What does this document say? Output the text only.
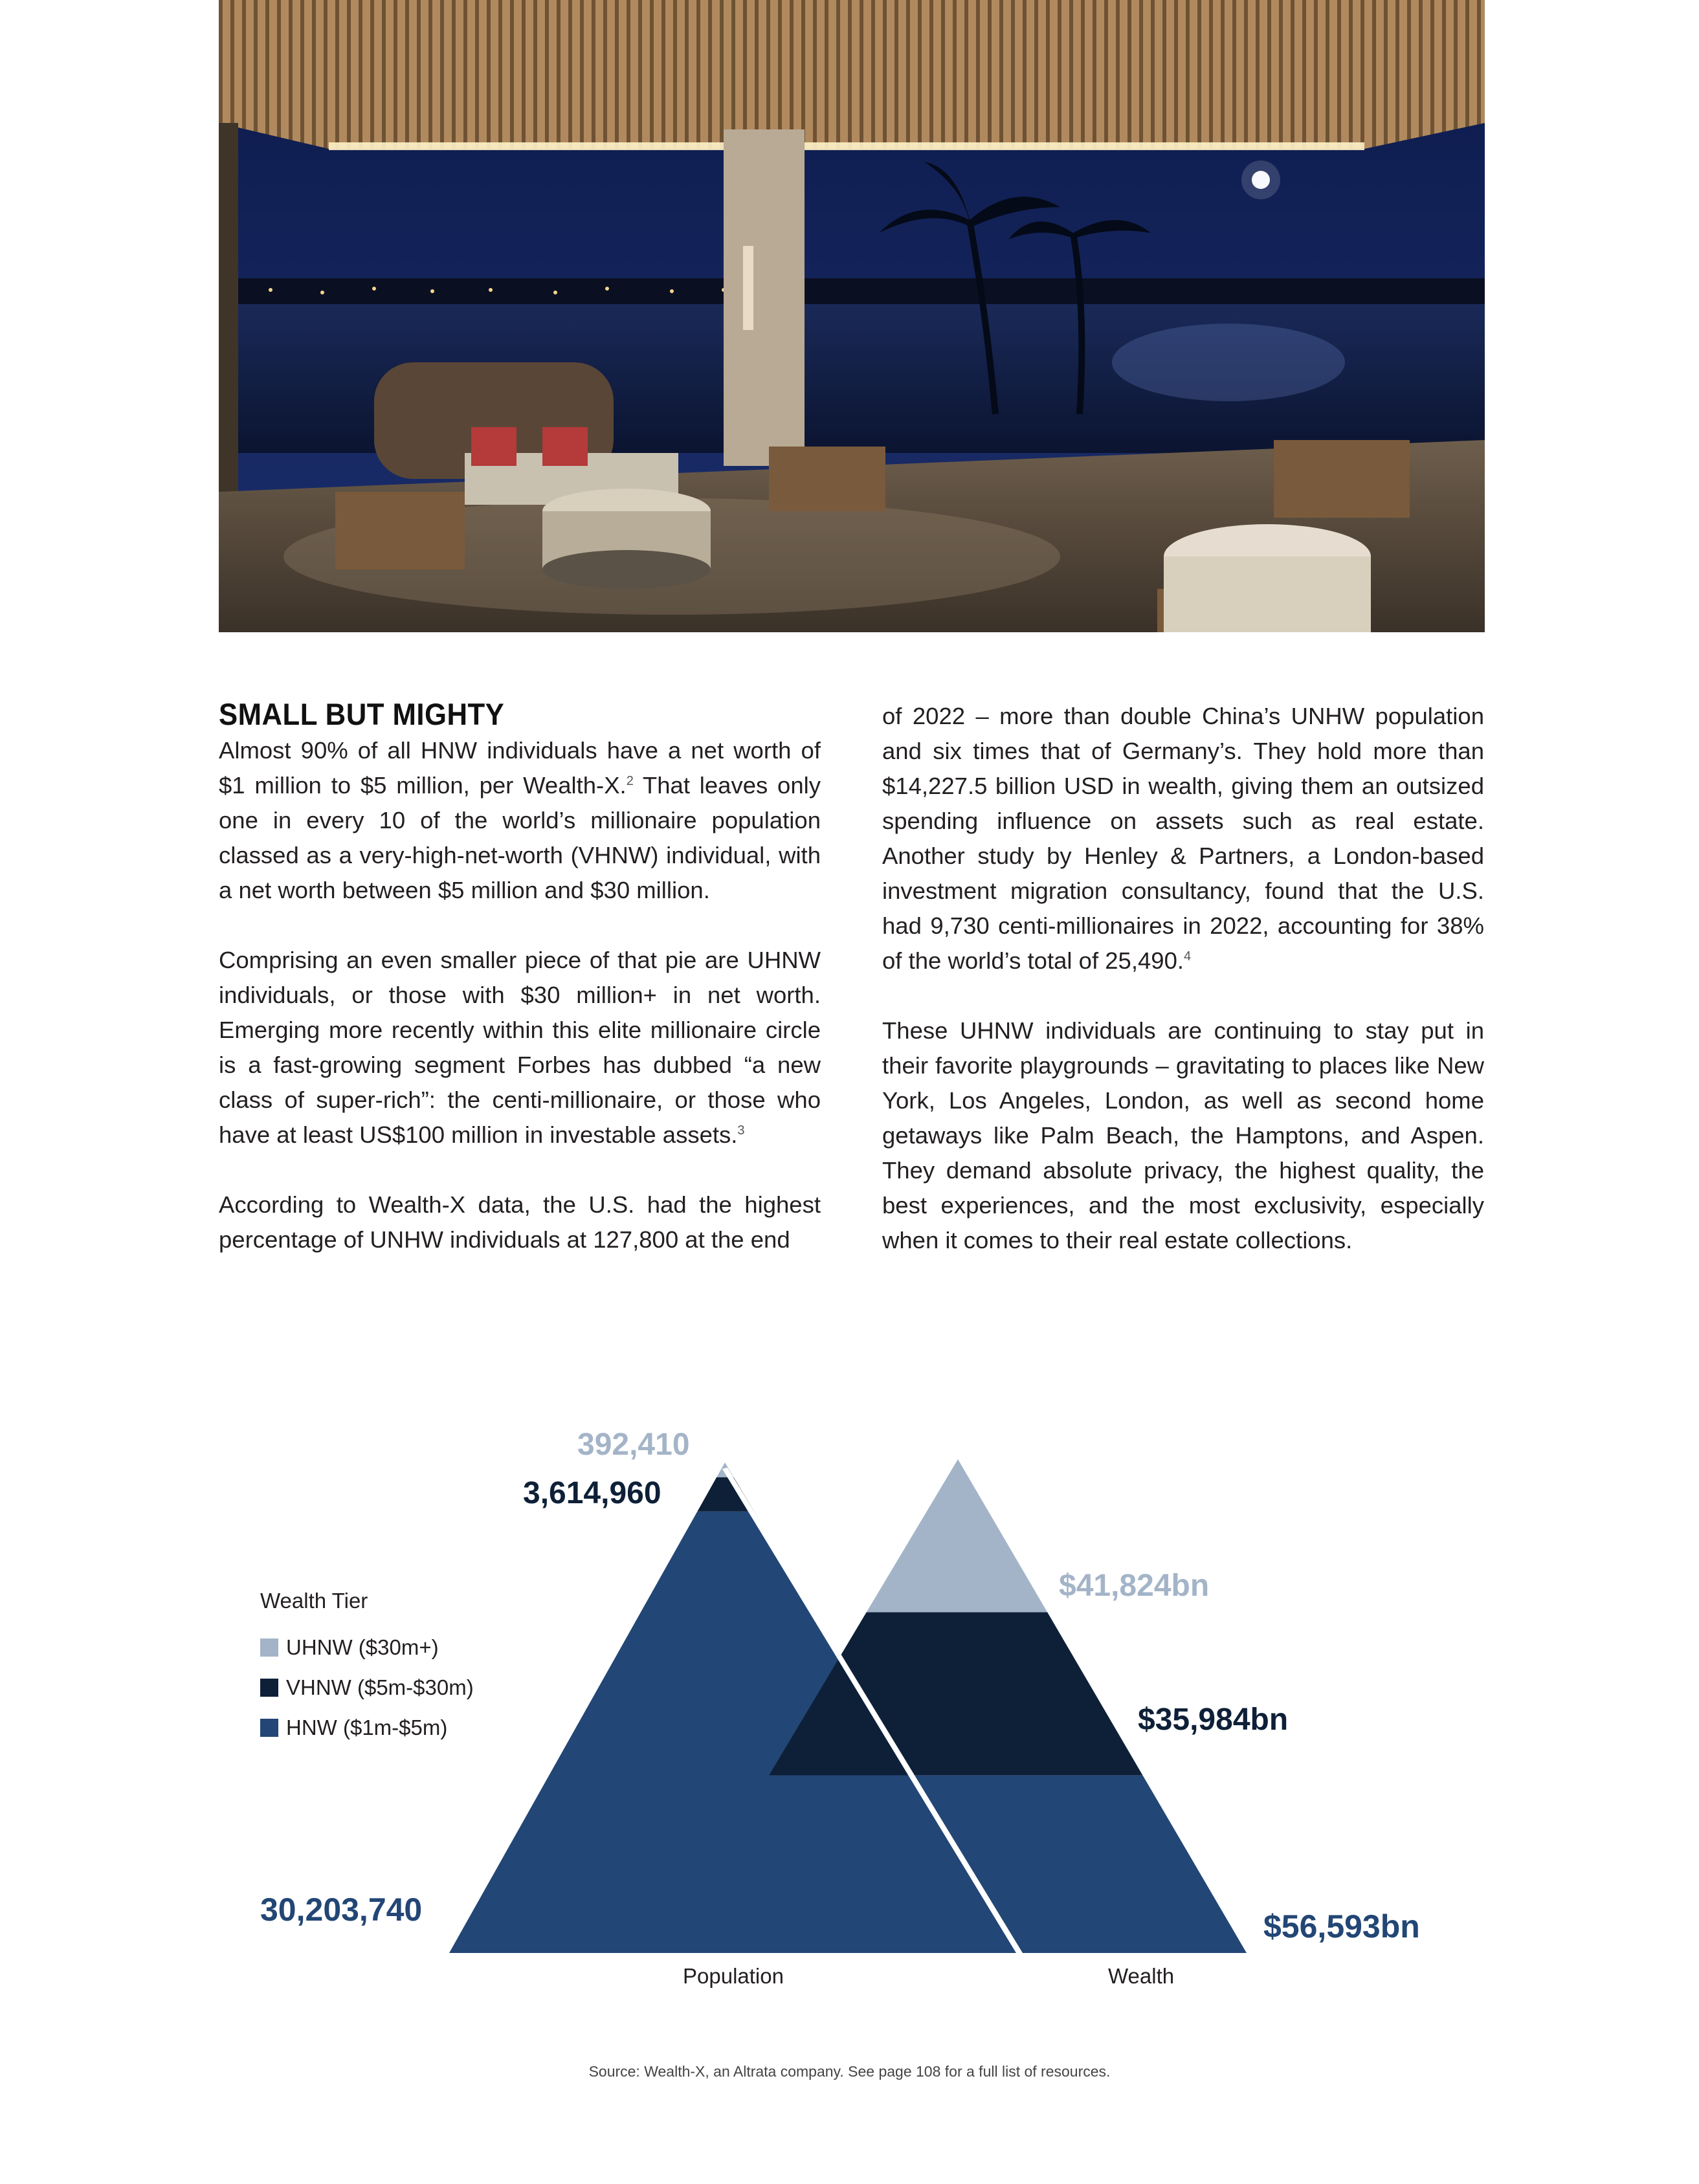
SMALL BUT MIGHTY

Almost 90% of all HNW individuals have a net worth of $1 million to $5 million, per Wealth-X.$^2$ That leaves only one in every 10 of the world’s millionaire population classed as a very-high-net-worth (VHNW) individual, with a net worth between $5 million and $30 million.

Comprising an even smaller piece of that pie are UHNW individuals, or those with $30 million+ in net worth. Emerging more recently within this elite millionaire circle is a fast-growing segment Forbes has dubbed “a new class of super-rich”: the centi-millionaire, or those who have at least US$100 million in investable assets.$^3$

According to Wealth-X data, the U.S. had the highest percentage of UNHW individuals at 127,800 at the end

of 2022 – more than double China’s UNHW population and six times that of Germany’s. They hold more than $14,227.5 billion USD in wealth, giving them an outsized spending influence on assets such as real estate. Another study by Henley & Partners, a London-based investment migration consultancy, found that the U.S. had 9,730 centi-millionaires in 2022, accounting for 38% of the world’s total of 25,490.$^4$

These UHNW individuals are continuing to stay put in their favorite playgrounds – gravitating to places like New York, Los Angeles, London, as well as second home getaways like Palm Beach, the Hamptons, and Aspen. They demand absolute privacy, the highest quality, the best experiences, and the most exclusivity, especially when it comes to their real estate collections.

392,410
3,614,960
30,203,740
$41,824bn
$35,984bn
$56,593bn
Wealth Tier
UHNW ($30m+)
VHNW ($5m-$30m)
HNW ($1m-$5m)
Population	Wealth
Source: Wealth-X, an Altrata company. See page 108 for a full list of resources.
